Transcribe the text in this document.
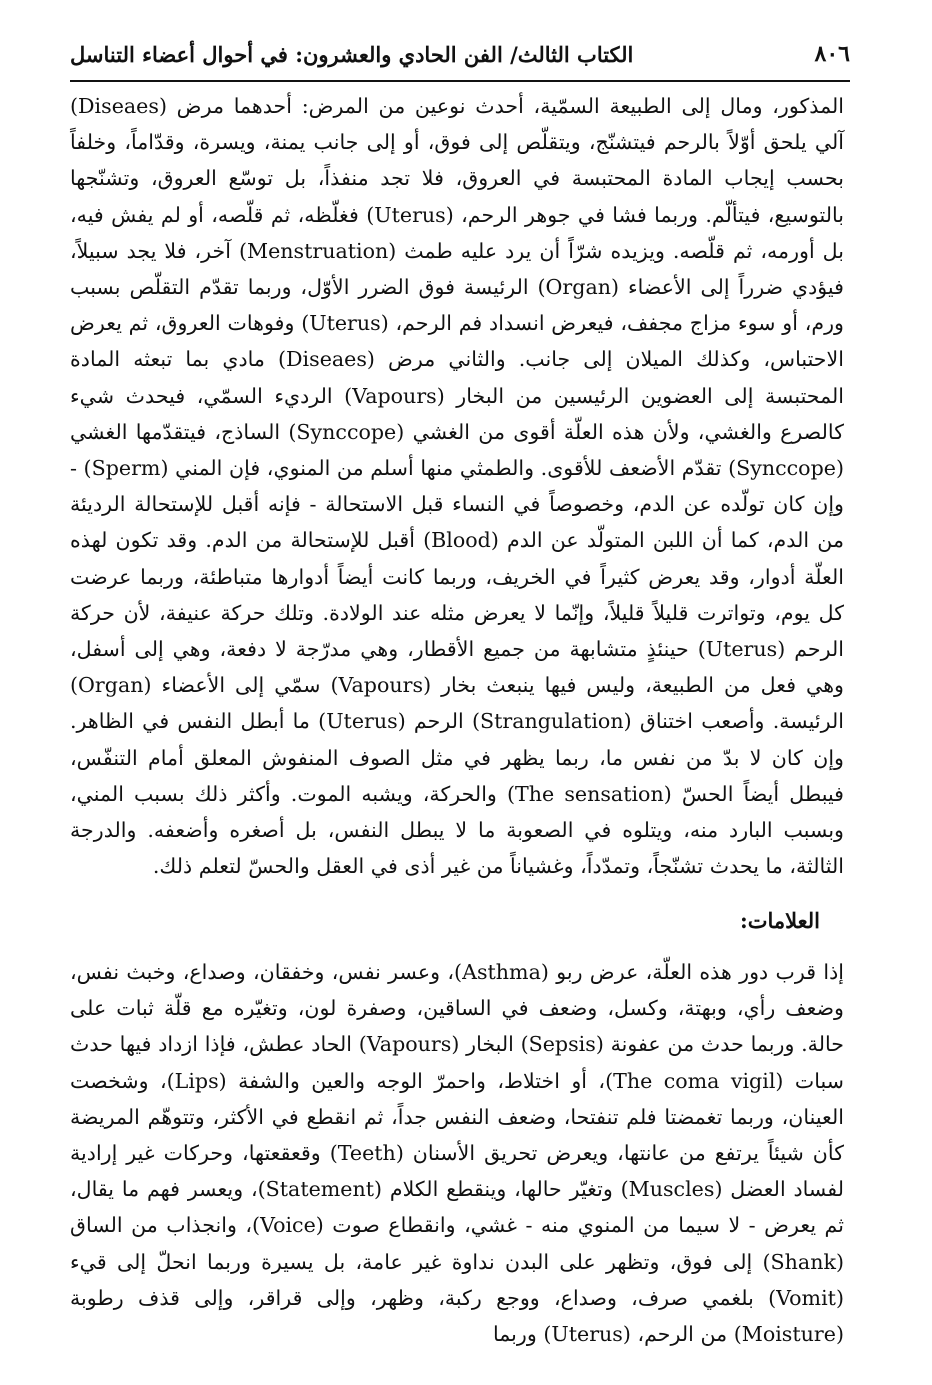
٨٠٦
الكتاب الثالث/ الفن الحادي والعشرون: في أحوال أعضاء التناسل

المذكور، ومال إلى الطبيعة السمّية، أحدث نوعين من المرض: أحدهما مرض (Diseaes) آلي يلحق أوّلاً بالرحم فيتشنّج، ويتقلّص إلى فوق، أو إلى جانب يمنة، ويسرة، وقدّاماً، وخلفاً بحسب إيجاب المادة المحتبسة في العروق، فلا تجد منفذاً، بل توسّع العروق، وتشنّجها بالتوسيع، فيتألّم. وربما فشا في جوهر الرحم، (Uterus) فغلّظه، ثم قلّصه، أو لم يفش فيه، بل أورمه، ثم قلّصه. ويزيده شرّاً أن يرد عليه طمث (Menstruation) آخر، فلا يجد سبيلاً، فيؤدي ضرراً إلى الأعضاء (Organ) الرئيسة فوق الضرر الأوّل، وربما تقدّم التقلّص بسبب ورم، أو سوء مزاج مجفف، فيعرض انسداد فم الرحم، (Uterus) وفوهات العروق، ثم يعرض الاحتباس، وكذلك الميلان إلى جانب. والثاني مرض (Diseaes) مادي بما تبعثه المادة المحتبسة إلى العضوين الرئيسين من البخار (Vapours) الرديء السمّي، فيحدث شيء كالصرع والغشي، ولأن هذه العلّة أقوى من الغشي (Synccope) الساذج، فيتقدّمها الغشي (Synccope) تقدّم الأضعف للأقوى. والطمثي منها أسلم من المنوي، فإن المني (Sperm) - وإن كان تولّده عن الدم، وخصوصاً في النساء قبل الاستحالة - فإنه أقبل للإستحالة الرديئة من الدم، كما أن اللبن المتولّد عن الدم (Blood) أقبل للإستحالة من الدم. وقد تكون لهذه العلّة أدوار، وقد يعرض كثيراً في الخريف، وربما كانت أيضاً أدوارها متباطئة، وربما عرضت كل يوم، وتواترت قليلاً قليلاً، وإنّما لا يعرض مثله عند الولادة. وتلك حركة عنيفة، لأن حركة الرحم (Uterus) حينئذٍ متشابهة من جميع الأقطار، وهي مدرّجة لا دفعة، وهي إلى أسفل، وهي فعل من الطبيعة، وليس فيها ينبعث بخار (Vapours) سمّي إلى الأعضاء (Organ) الرئيسة. وأصعب اختناق (Strangulation) الرحم (Uterus) ما أبطل النفس في الظاهر. وإن كان لا بدّ من نفس ما، ربما يظهر في مثل الصوف المنفوش المعلق أمام التنفّس، فيبطل أيضاً الحسّ (The sensation) والحركة، ويشبه الموت. وأكثر ذلك بسبب المني، وبسبب البارد منه، ويتلوه في الصعوبة ما لا يبطل النفس، بل أصغره وأضعفه. والدرجة الثالثة، ما يحدث تشنّجاً، وتمدّداً، وغشياناً من غير أذى في العقل والحسّ لتعلم ذلك.

العلامات:

إذا قرب دور هذه العلّة، عرض ربو (Asthma)، وعسر نفس، وخفقان، وصداع، وخبث نفس، وضعف رأي، وبهتة، وكسل، وضعف في الساقين، وصفرة لون، وتغيّره مع قلّة ثبات على حالة. وربما حدث من عفونة (Sepsis) البخار (Vapours) الحاد عطش، فإذا ازداد فيها حدث سبات (The coma vigil)، أو اختلاط، واحمرّ الوجه والعين والشفة (Lips)، وشخصت العينان، وربما تغمضتا فلم تنفتحا، وضعف النفس جداً، ثم انقطع في الأكثر، وتتوهّم المريضة كأن شيئاً يرتفع من عانتها، ويعرض تحريق الأسنان (Teeth) وقعقعتها، وحركات غير إرادية لفساد العضل (Muscles) وتغيّر حالها، وينقطع الكلام (Statement)، ويعسر فهم ما يقال، ثم يعرض - لا سيما من المنوي منه - غشي، وانقطاع صوت (Voice)، وانجذاب من الساق (Shank) إلى فوق، وتظهر على البدن نداوة غير عامة، بل يسيرة وربما انحلّ إلى قيء (Vomit) بلغمي صرف، وصداع، ووجع ركبة، وظهر، وإلى قراقر، وإلى قذف رطوبة (Moisture) من الرحم، (Uterus) وربما
